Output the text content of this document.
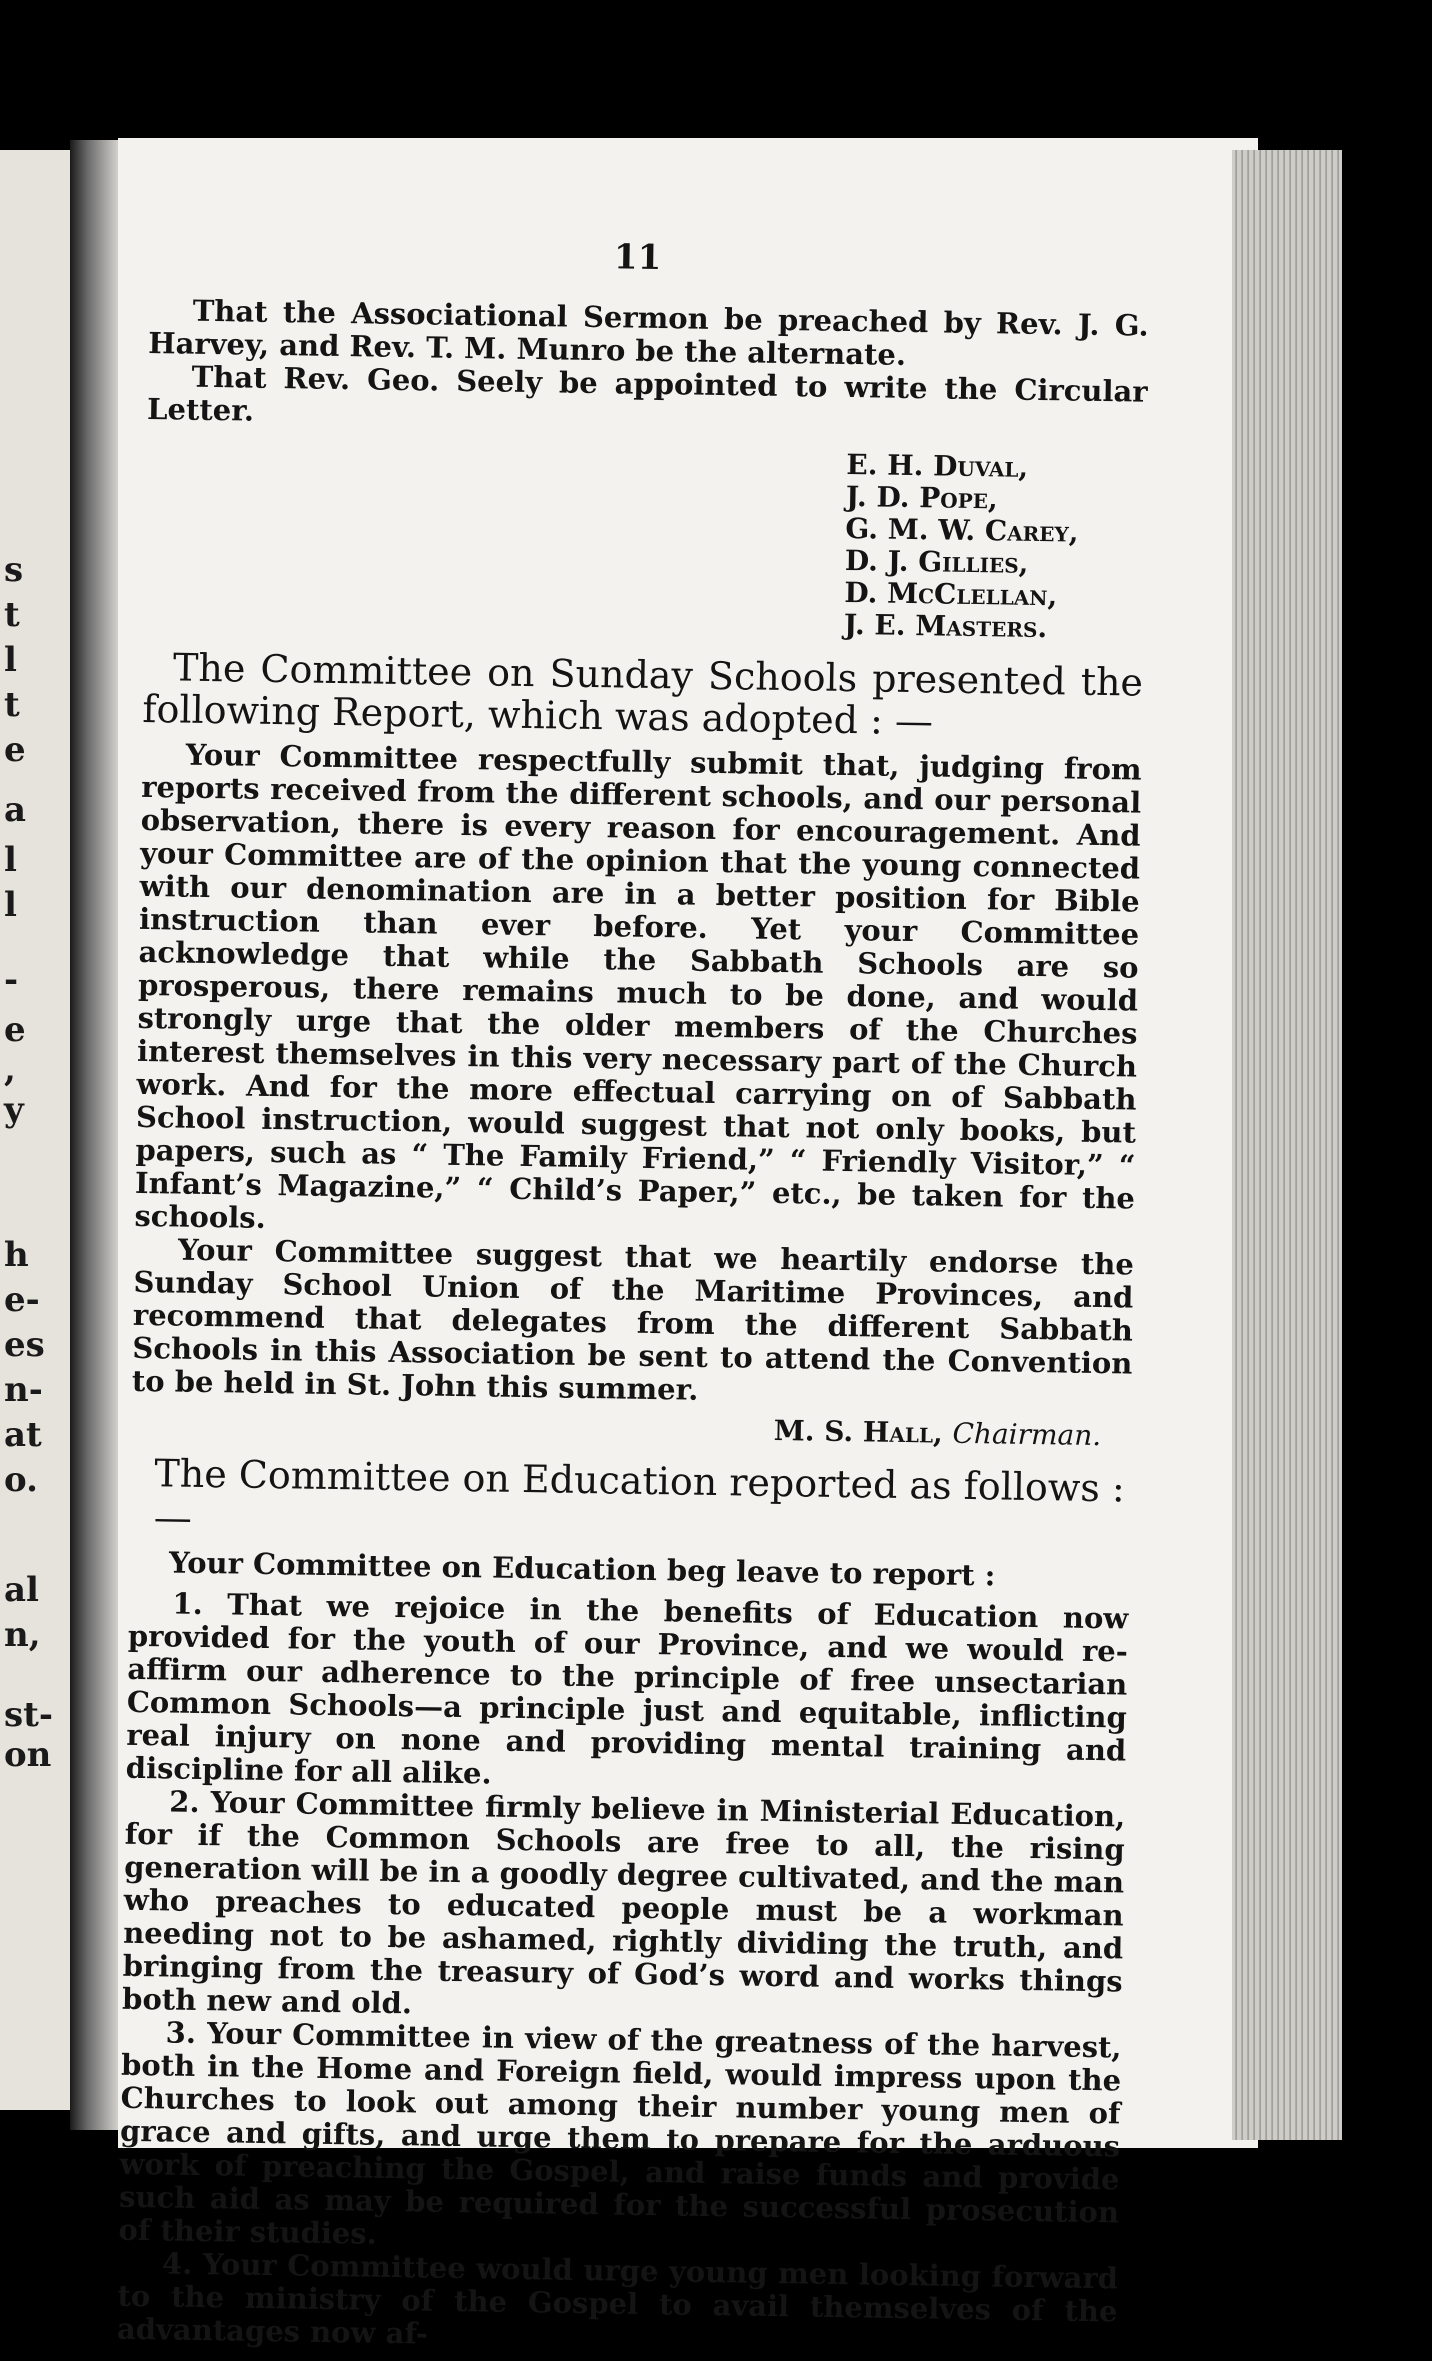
s
t
l
t
e
a
l
l
-
e
,
y
h
e-
es
n-
at
o.
al
n,
st-
on
11

That the Associational Sermon be preached by Rev. J. G. Harvey, and Rev. T. M. Munro be the alternate.

That Rev. Geo. Seely be appointed to write the Circular Letter.

E. H. Duval,
J. D. Pope,
G. M. W. Carey,
D. J. Gillies,
D. McClellan,
J. E. Masters.

The Committee on Sunday Schools presented the following Report, which was adopted : —

Your Committee respectfully submit that, judging from reports received from the different schools, and our personal observation, there is every reason for encouragement. And your Committee are of the opinion that the young connected with our denomination are in a better position for Bible instruction than ever before. Yet your Committee acknowledge that while the Sabbath Schools are so prosperous, there remains much to be done, and would strongly urge that the older members of the Churches interest themselves in this very necessary part of the Church work. And for the more effectual carrying on of Sabbath School instruction, would suggest that not only books, but papers, such as “ The Family Friend,” “ Friendly Visitor,” “ Infant’s Magazine,” “ Child’s Paper,” etc., be taken for the schools.

Your Committee suggest that we heartily endorse the Sunday School Union of the Maritime Provinces, and recommend that delegates from the different Sabbath Schools in this Association be sent to attend the Convention to be held in St. John this summer.

M. S. Hall, Chairman.
The Committee on Education reported as follows : —
Your Committee on Education beg leave to report :

1. That we rejoice in the benefits of Education now provided for the youth of our Province, and we would re-affirm our adherence to the principle of free unsectarian Common Schools—a principle just and equitable, inflicting real injury on none and providing mental training and discipline for all alike.

2. Your Committee firmly believe in Ministerial Education, for if the Common Schools are free to all, the rising generation will be in a goodly degree cultivated, and the man who preaches to educated people must be a workman needing not to be ashamed, rightly dividing the truth, and bringing from the treasury of God’s word and works things both new and old.

3. Your Committee in view of the greatness of the harvest, both in the Home and Foreign field, would impress upon the Churches to look out among their number young men of grace and gifts, and urge them to prepare for the arduous work of preaching the Gospel, and raise funds and provide such aid as may be required for the successful prosecution of their studies.

4. Your Committee would urge young men looking forward to the ministry of the Gospel to avail themselves of the advantages now af-
